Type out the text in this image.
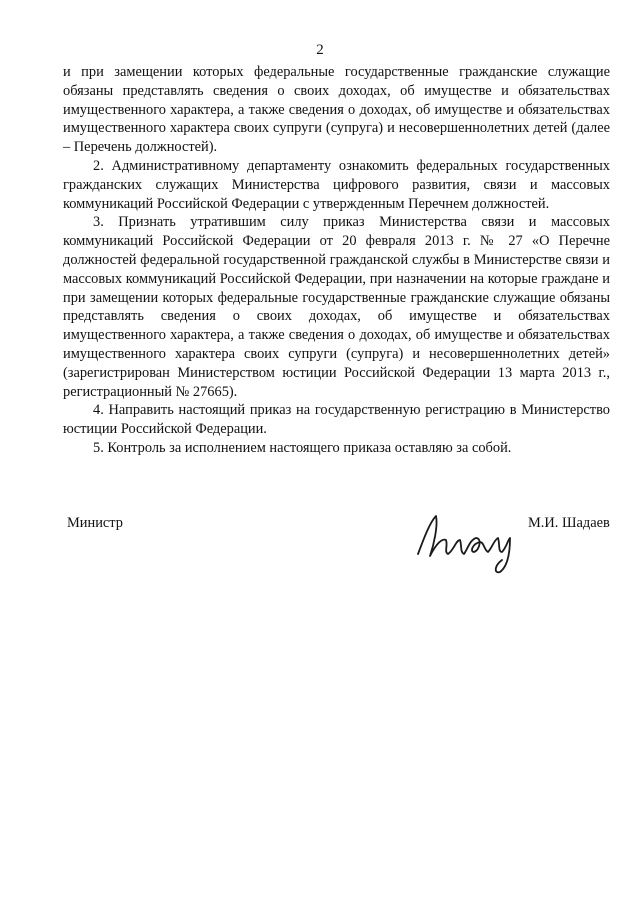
2

и при замещении которых федеральные государственные гражданские служащие обязаны представлять сведения о своих доходах, об имуществе и обязательствах имущественного характера, а также сведения о доходах, об имуществе и обязательствах имущественного характера своих супруги (супруга) и несовершеннолетних детей (далее – Перечень должностей).

2. Административному департаменту ознакомить федеральных государственных гражданских служащих Министерства цифрового развития, связи и массовых коммуникаций Российской Федерации с утвержденным Перечнем должностей.

3. Признать утратившим силу приказ Министерства связи и массовых коммуникаций Российской Федерации от 20 февраля 2013 г. № 27 «О Перечне должностей федеральной государственной гражданской службы в Министерстве связи и массовых коммуникаций Российской Федерации, при назначении на которые граждане и при замещении которых федеральные государственные гражданские служащие обязаны представлять сведения о своих доходах, об имуществе и обязательствах имущественного характера, а также сведения о доходах, об имуществе и обязательствах имущественного характера своих супруги (супруга) и несовершеннолетних детей» (зарегистрирован Министерством юстиции Российской Федерации 13 марта 2013 г., регистрационный № 27665).

4. Направить настоящий приказ на государственную регистрацию в Министерство юстиции Российской Федерации.

5. Контроль за исполнением настоящего приказа оставляю за собой.

Министр	М.И. Шадаев
